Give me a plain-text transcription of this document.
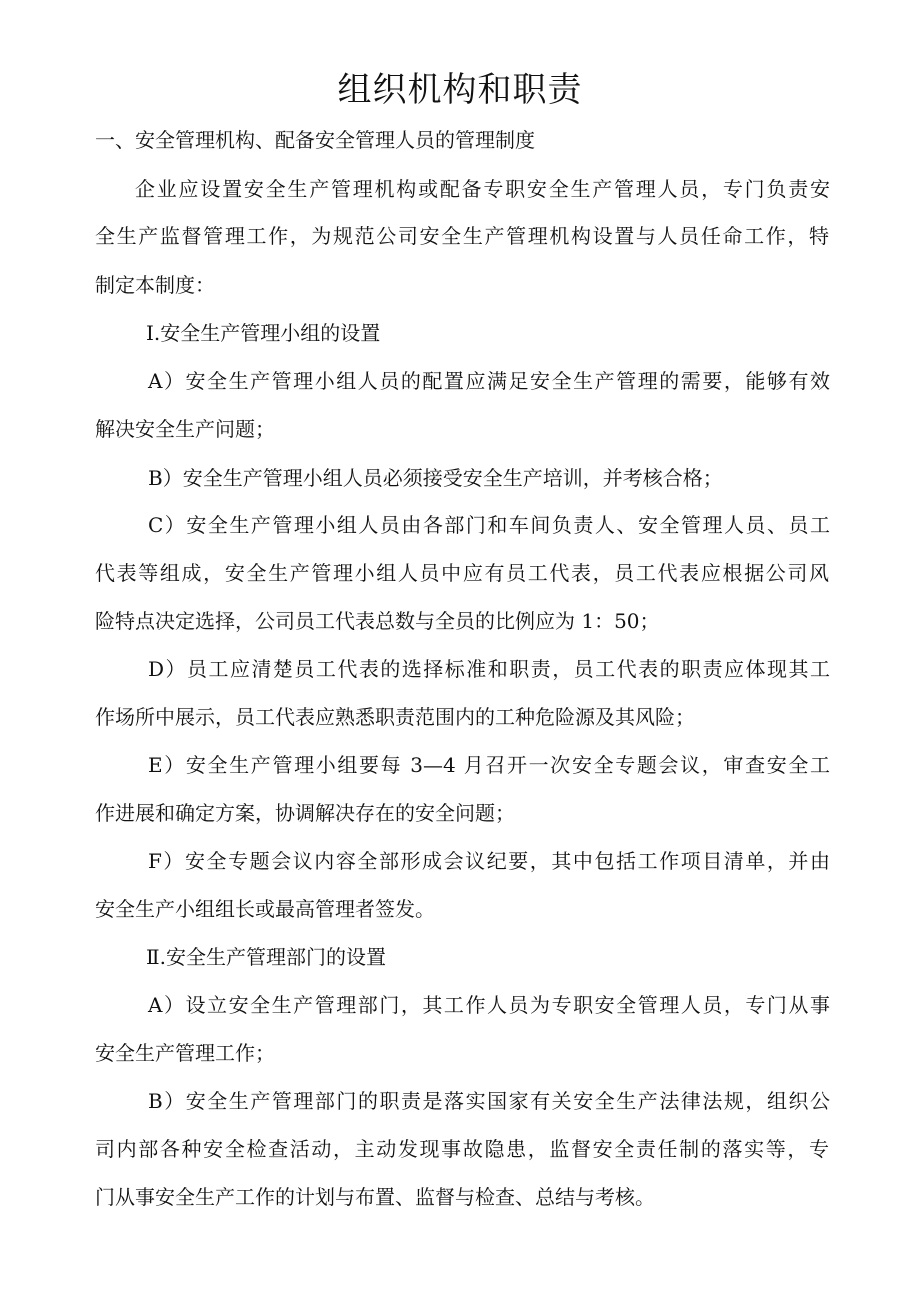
组织机构和职责
一、安全管理机构、配备安全管理人员的管理制度
企业应设置安全生产管理机构或配备专职安全生产管理人员，专门负责安
全生产监督管理工作，为规范公司安全生产管理机构设置与人员任命工作，特
制定本制度：
Ⅰ.安全生产管理小组的设置
A）安全生产管理小组人员的配置应满足安全生产管理的需要，能够有效
解决安全生产问题；
B）安全生产管理小组人员必须接受安全生产培训，并考核合格；
C）安全生产管理小组人员由各部门和车间负责人、安全管理人员、员工
代表等组成，安全生产管理小组人员中应有员工代表，员工代表应根据公司风
险特点决定选择，公司员工代表总数与全员的比例应为 1：50；
D）员工应清楚员工代表的选择标准和职责，员工代表的职责应体现其工
作场所中展示，员工代表应熟悉职责范围内的工种危险源及其风险；
E）安全生产管理小组要每 3—4 月召开一次安全专题会议，审查安全工
作进展和确定方案，协调解决存在的安全问题；
F）安全专题会议内容全部形成会议纪要，其中包括工作项目清单，并由
安全生产小组组长或最高管理者签发。
Ⅱ.安全生产管理部门的设置
A）设立安全生产管理部门，其工作人员为专职安全管理人员，专门从事
安全生产管理工作；
B）安全生产管理部门的职责是落实国家有关安全生产法律法规，组织公
司内部各种安全检查活动，主动发现事故隐患，监督安全责任制的落实等，专
门从事安全生产工作的计划与布置、监督与检查、总结与考核。
